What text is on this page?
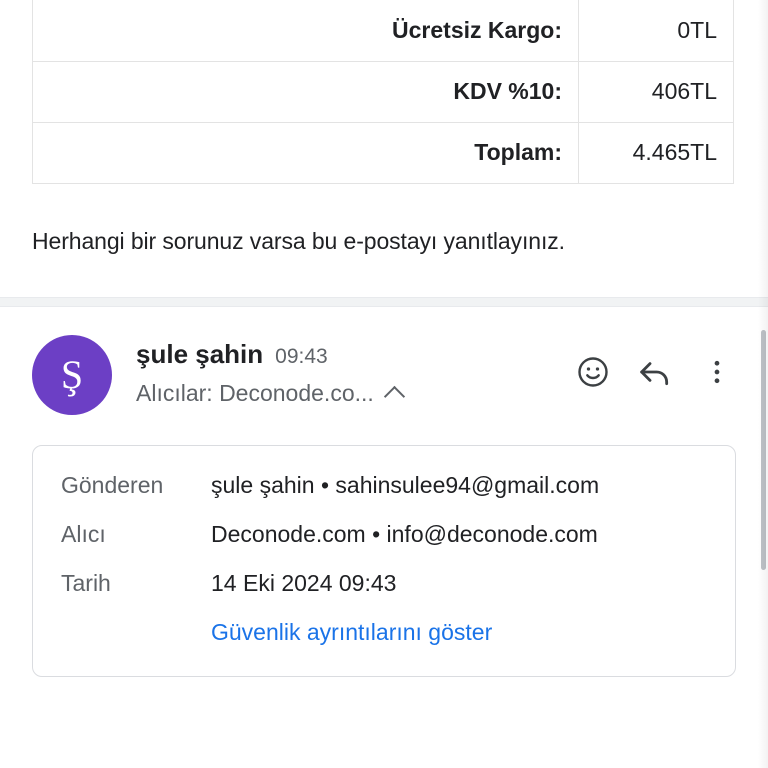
Ücretsiz Kargo:	0TL
KDV %10:	406TL
Toplam:	4.465TL
Herhangi bir sorunuz varsa bu e-postayı yanıtlayınız.
Ş	şule şahin 09:43
Alıcılar: Deconode.co...
Gönderen	şule şahin • sahinsulee94@gmail.com
Alıcı	Deconode.com • info@deconode.com
Tarih	14 Eki 2024 09:43
Güvenlik ayrıntılarını göster
